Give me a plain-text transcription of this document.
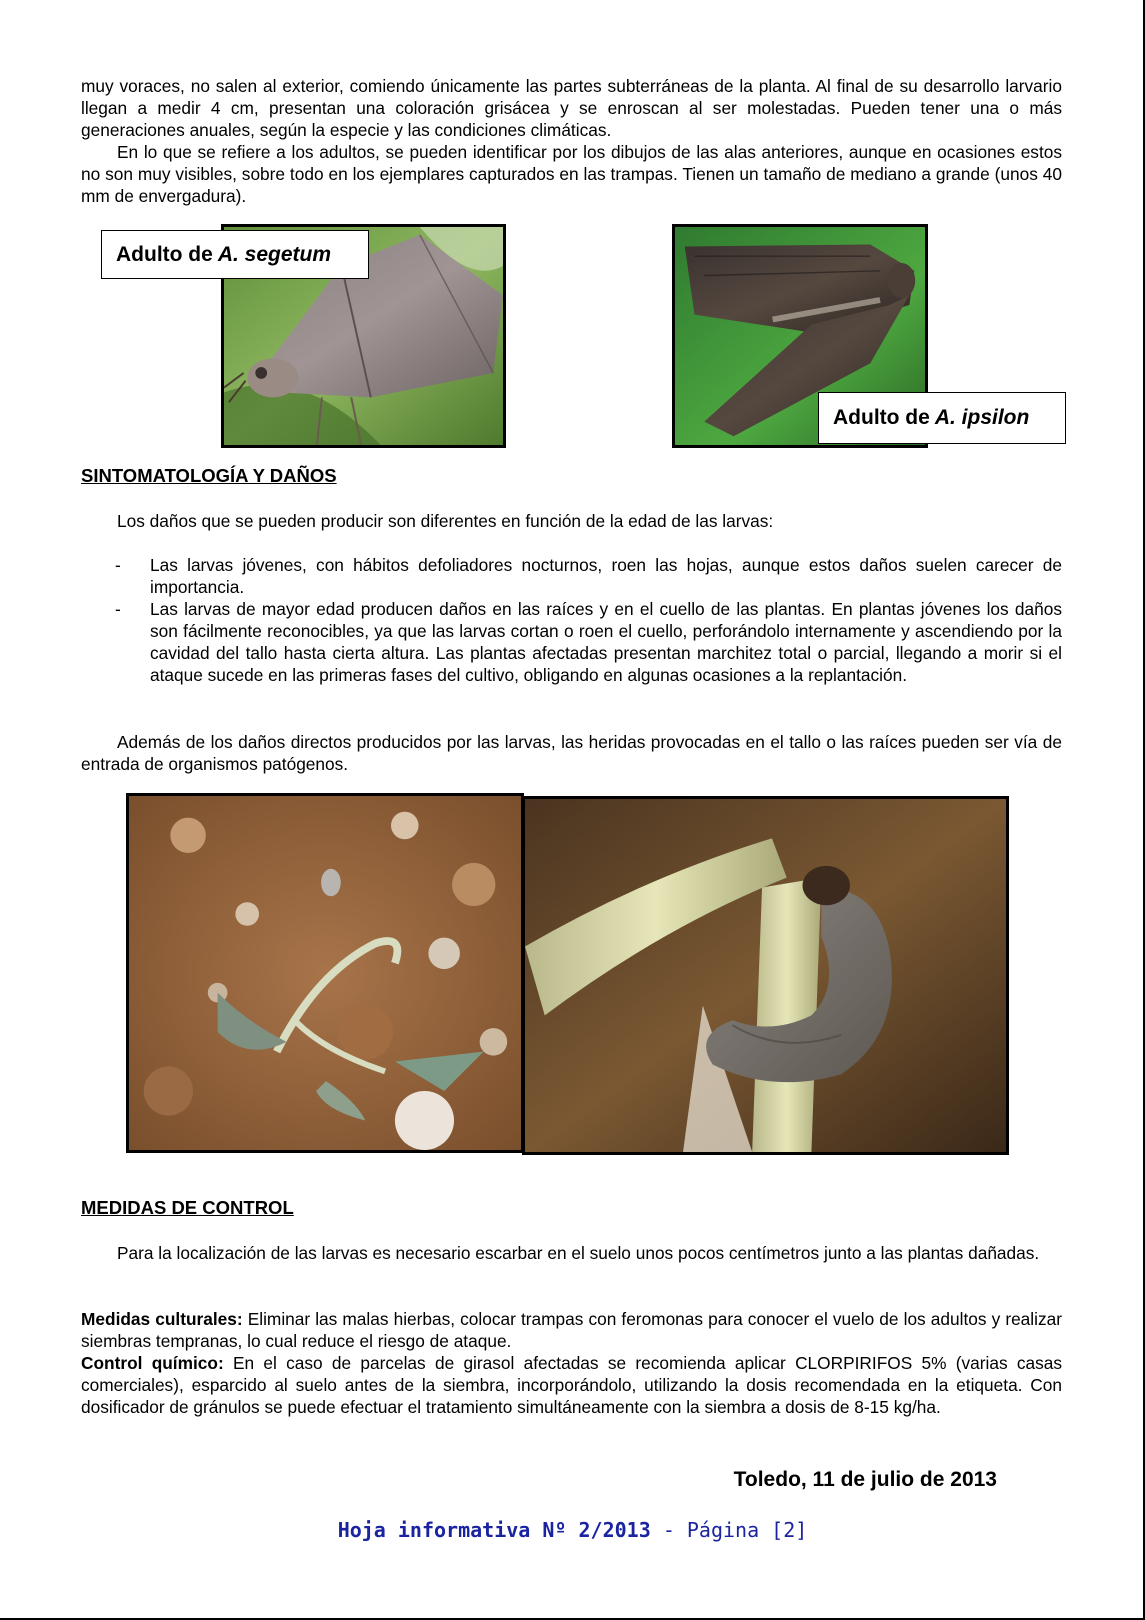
muy voraces, no salen al exterior, comiendo únicamente las partes subterráneas de la planta. Al final de su desarrollo larvario llegan a medir 4 cm, presentan una coloración grisácea y se enroscan al ser molestadas. Pueden tener una o más generaciones anuales, según la especie y las condiciones climáticas.

En lo que se refiere a los adultos, se pueden identificar por los dibujos de las alas anteriores, aunque en ocasiones estos no son muy visibles, sobre todo en los ejemplares capturados en las trampas. Tienen un tamaño de mediano a grande (unos 40 mm de envergadura).

Adulto de A. segetum
Adulto de A. ipsilon
SINTOMATOLOGÍA Y DAÑOS

Los daños que se pueden producir son diferentes en función de la edad de las larvas:

- Las larvas jóvenes, con hábitos defoliadores nocturnos, roen las hojas, aunque estos daños suelen carecer de importancia.
- Las larvas de mayor edad producen daños en las raíces y en el cuello de las plantas. En plantas jóvenes los daños son fácilmente reconocibles, ya que las larvas cortan o roen el cuello, perforándolo internamente y ascendiendo por la cavidad del tallo hasta cierta altura. Las plantas afectadas presentan marchitez total o parcial, llegando a morir si el ataque sucede en las primeras fases del cultivo, obligando en algunas ocasiones a la replantación.

Además de los daños directos producidos por las larvas, las heridas provocadas en el tallo o las raíces pueden ser vía de entrada de organismos patógenos.

MEDIDAS DE CONTROL

Para la localización de las larvas es necesario escarbar en el suelo unos pocos centímetros junto a las plantas dañadas.

Medidas culturales: Eliminar las malas hierbas, colocar trampas con feromonas para conocer el vuelo de los adultos y realizar siembras tempranas, lo cual reduce el riesgo de ataque.
Control químico: En el caso de parcelas de girasol afectadas se recomienda aplicar CLORPIRIFOS 5% (varias casas comerciales), esparcido al suelo antes de la siembra, incorporándolo, utilizando la dosis recomendada en la etiqueta. Con dosificador de gránulos se puede efectuar el tratamiento simultáneamente con la siembra a dosis de 8-15 kg/ha.

Toledo, 11 de julio de 2013
Hoja informativa Nº 2/2013 - Página [2]
